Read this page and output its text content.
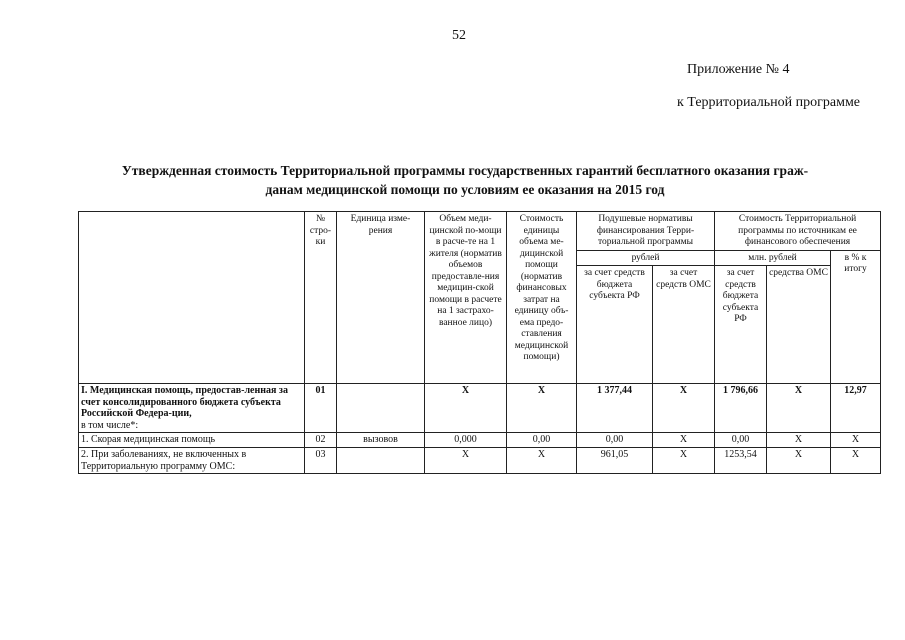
52
Приложение № 4
к Территориальной программе
Утвержденная стоимость Территориальной программы государственных гарантий бесплатного оказания граж-
данам медицинской помощи по условиям ее оказания на 2015 год
	№ стро-ки	Единица изме-рения	Объем меди-цинской по-мощи в расче-те на 1 жителя (норматив объемов предоставле-ния медицин-ской помощи в расчете на 1 застрахо-ванное лицо)	Стоимость единицы объема ме-дицинской помощи (норматив финансовых затрат на единицу объ-ема предо-ставления медицинской помощи)	Подушевые нормативы финансирования Терри-ториальной программы		Стоимость Территориальной программы по источникам ее финансового обеспечения		
					рублей		млн. рублей		в % к итогу
					за счет средств бюджета субъекта РФ	за счет средств ОМС	за счет средств бюджета субъекта РФ	средства ОМС	
I. Медицинская помощь, предостав-ленная за счет консолидированного бюджета субъекта Российской Федера-ции,
в том числе*:	01		Х	Х	1 377,44	Х	1 796,66	Х	12,97
1. Скорая медицинская помощь	02	вызовов	0,000	0,00	0,00	Х	0,00	Х	Х
2. При заболеваниях, не включенных в Территориальную программу ОМС:	03		Х	Х	961,05	Х	1253,54	Х	Х
